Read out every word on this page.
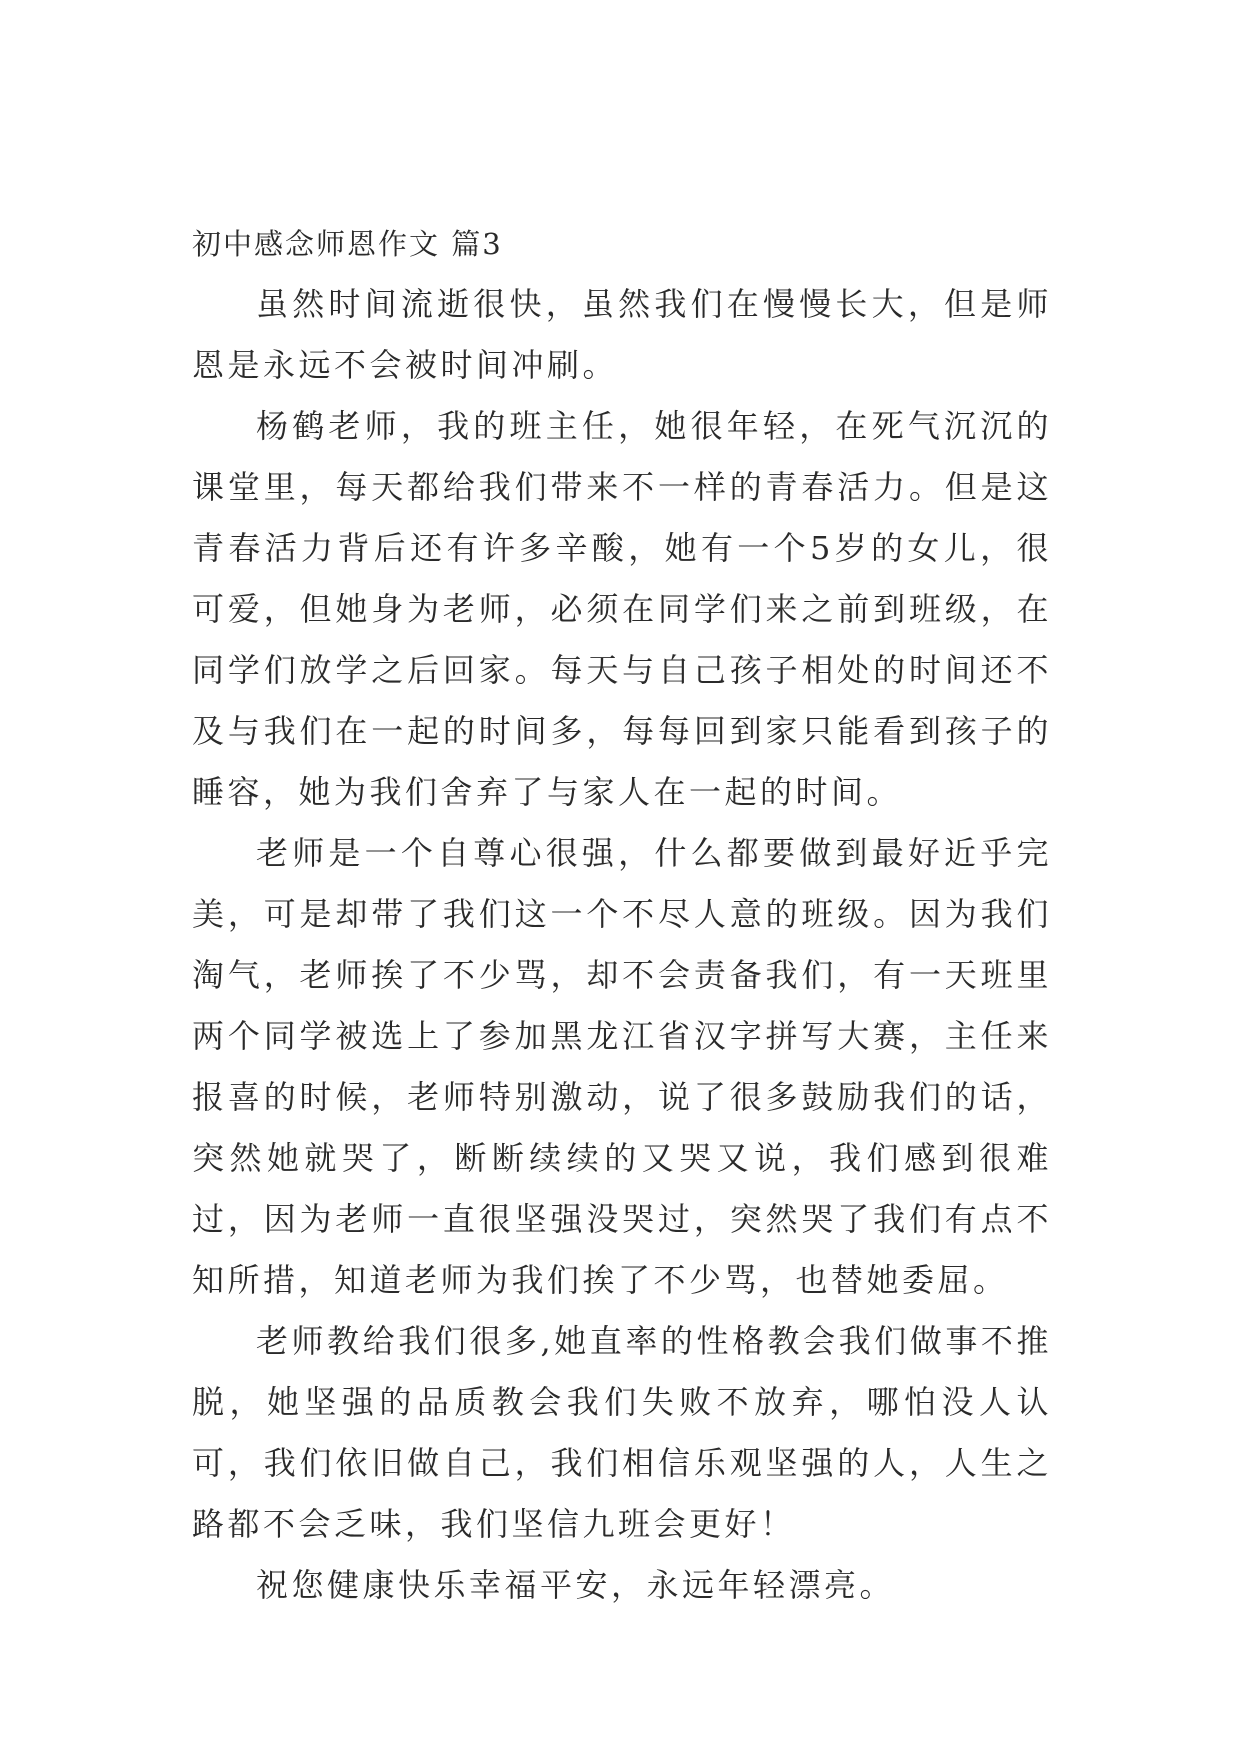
初中感念师恩作文 篇3

虽然时间流逝很快，虽然我们在慢慢长大，但是师恩是永远不会被时间冲刷。

杨鹤老师，我的班主任，她很年轻，在死气沉沉的课堂里，每天都给我们带来不一样的青春活力。但是这青春活力背后还有许多辛酸，她有一个5岁的女儿，很可爱，但她身为老师，必须在同学们来之前到班级，在同学们放学之后回家。每天与自己孩子相处的时间还不及与我们在一起的时间多，每每回到家只能看到孩子的睡容，她为我们舍弃了与家人在一起的时间。

老师是一个自尊心很强，什么都要做到最好近乎完美，可是却带了我们这一个不尽人意的班级。因为我们淘气，老师挨了不少骂，却不会责备我们，有一天班里两个同学被选上了参加黑龙江省汉字拼写大赛，主任来报喜的时候，老师特别激动，说了很多鼓励我们的话，突然她就哭了，断断续续的又哭又说，我们感到很难过，因为老师一直很坚强没哭过，突然哭了我们有点不知所措，知道老师为我们挨了不少骂，也替她委屈。

老师教给我们很多,她直率的性格教会我们做事不推脱，她坚强的品质教会我们失败不放弃，哪怕没人认可，我们依旧做自己，我们相信乐观坚强的人，人生之路都不会乏味，我们坚信九班会更好！

祝您健康快乐幸福平安，永远年轻漂亮。
